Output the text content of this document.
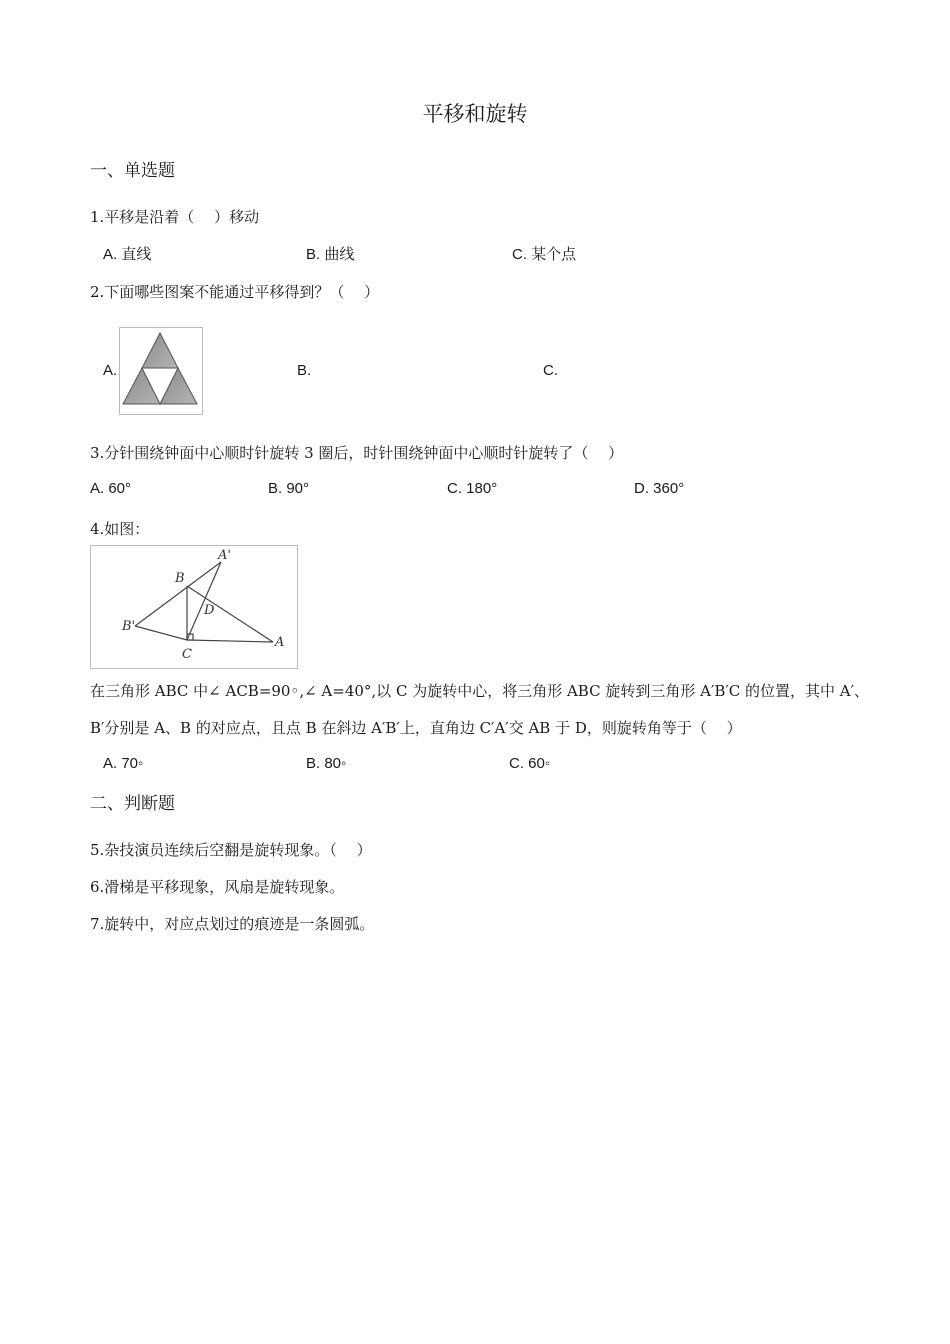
平移和旋转
一、单选题
1.平移是沿着（　 ）移动
A. 直线	B. 曲线	C. 某个点
2.下面哪些图案不能通过平移得到？（　 ）
A.	B.	C.
3.分针围绕钟面中心顺时针旋转 3 圈后，时针围绕钟面中心顺时针旋转了（　 ）
A. 60°	B. 90°	C. 180°	D. 360°
4.如图：
A'
B
D
B'
C
A
在三角形 ABC 中∠ ACB=90◦,∠ A=40°,以 C 为旋转中心，将三角形 ABC 旋转到三角形 A′B′C 的位置，其中 A′、
B′分别是 A、B 的对应点，且点 B 在斜边 A′B′上，直角边 C′A′交 AB 于 D，则旋转角等于（　 ）
A. 70◦	B. 80◦	C. 60◦
二、判断题
5.杂技演员连续后空翻是旋转现象。（　 ）
6.滑梯是平移现象，风扇是旋转现象。
7.旋转中，对应点划过的痕迹是一条圆弧。
